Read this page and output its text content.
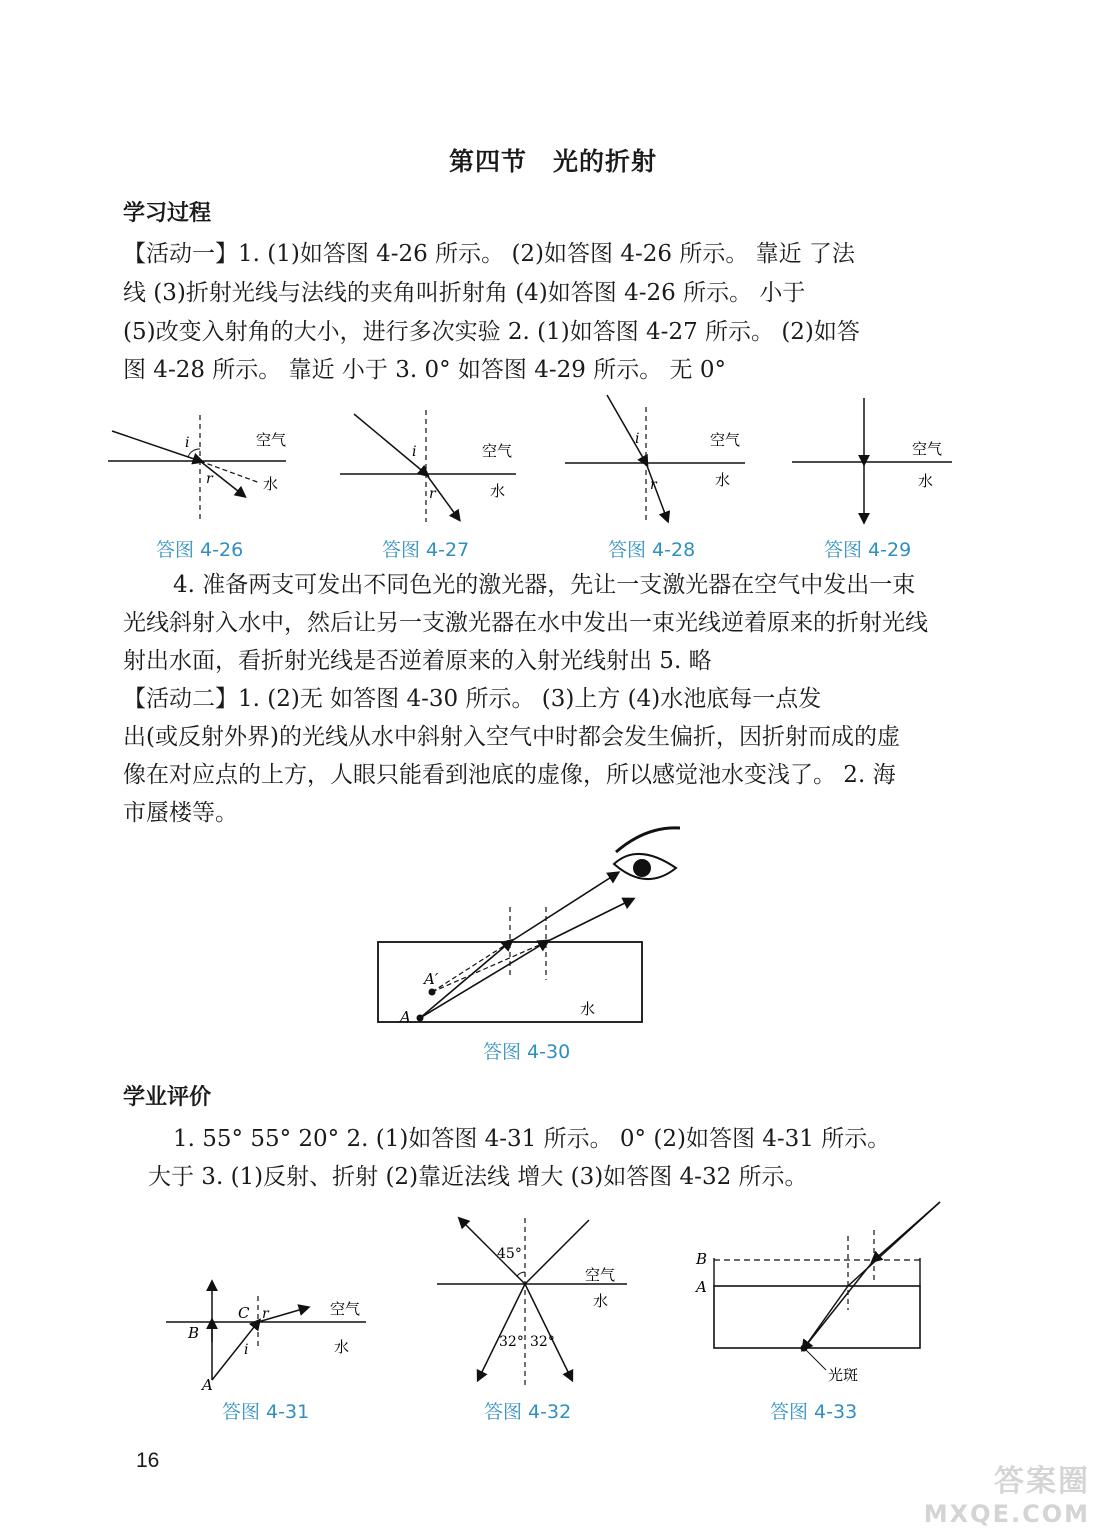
第四节　光的折射
学习过程
【活动一】1. (1)如答图 4-26 所示。 (2)如答图 4-26 所示。 靠近 了法
线 (3)折射光线与法线的夹角叫折射角 (4)如答图 4-26 所示。 小于
(5)改变入射角的大小，进行多次实验 2. (1)如答图 4-27 所示。 (2)如答
图 4-28 所示。 靠近 小于 3. 0° 如答图 4-29 所示。 无 0°
i
r
空气
水
答图 4-26
i
r
空气
水
答图 4-27
i
r
空气
水
答图 4-28
空气
水
答图 4-29
4. 准备两支可发出不同色光的激光器，先让一支激光器在空气中发出一束
光线斜射入水中，然后让另一支激光器在水中发出一束光线逆着原来的折射光线
射出水面，看折射光线是否逆着原来的入射光线射出 5. 略
【活动二】1. (2)无 如答图 4-30 所示。 (3)上方 (4)水池底每一点发
出(或反射外界)的光线从水中斜射入空气中时都会发生偏折，因折射而成的虚
像在对应点的上方，人眼只能看到池底的虚像，所以感觉池水变浅了。 2. 海
市蜃楼等。
A
A′
水
答图 4-30
学业评价
1. 55° 55° 20° 2. (1)如答图 4-31 所示。 0° (2)如答图 4-31 所示。
大于 3. (1)反射、折射 (2)靠近法线 增大 (3)如答图 4-32 所示。
A
B
C
i
r	空气
水
答图 4-31
45°
32° 32°
空气
水
答图 4-32
B
A
光斑
答图 4-33
16
答案圈
MXQE.COM
